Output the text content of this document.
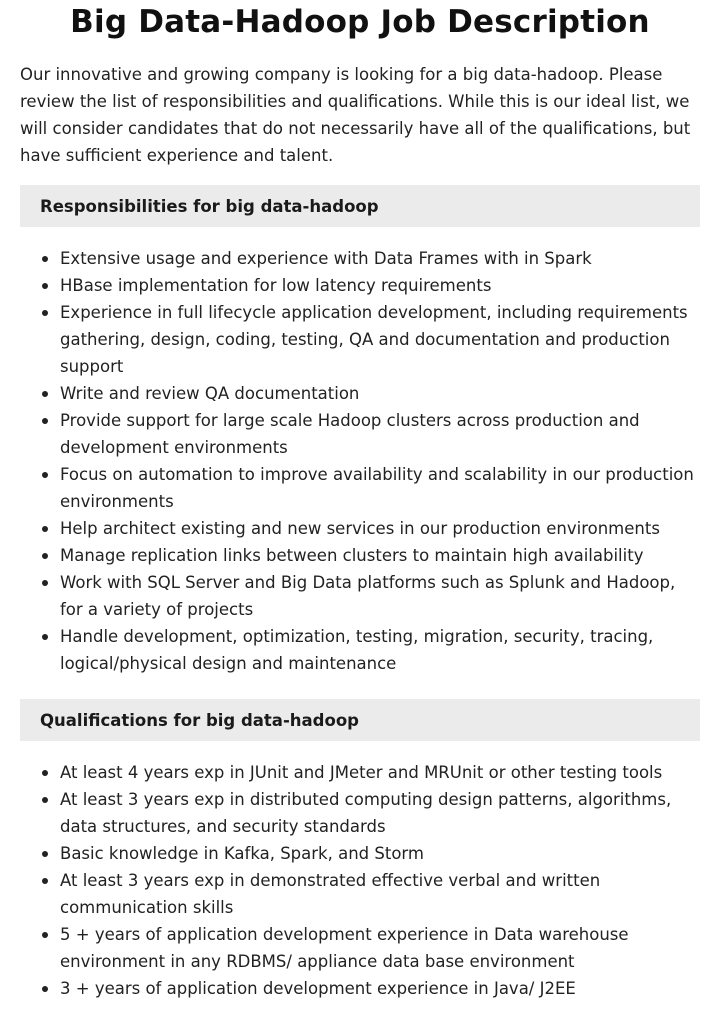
Big Data-Hadoop Job Description

Our innovative and growing company is looking for a big data-hadoop. Please review the list of responsibilities and qualifications. While this is our ideal list, we will consider candidates that do not necessarily have all of the qualifications, but have sufficient experience and talent.

Responsibilities for big data-hadoop
Extensive usage and experience with Data Frames with in Spark
HBase implementation for low latency requirements
Experience in full lifecycle application development, including requirements gathering, design, coding, testing, QA and documentation and production support
Write and review QA documentation
Provide support for large scale Hadoop clusters across production and development environments
Focus on automation to improve availability and scalability in our production environments
Help architect existing and new services in our production environments
Manage replication links between clusters to maintain high availability
Work with SQL Server and Big Data platforms such as Splunk and Hadoop, for a variety of projects
Handle development, optimization, testing, migration, security, tracing, logical/physical design and maintenance
Qualifications for big data-hadoop
At least 4 years exp in JUnit and JMeter and MRUnit or other testing tools
At least 3 years exp in distributed computing design patterns, algorithms, data structures, and security standards
Basic knowledge in Kafka, Spark, and Storm
At least 3 years exp in demonstrated effective verbal and written communication skills
5 + years of application development experience in Data warehouse environment in any RDBMS/ appliance data base environment
3 + years of application development experience in Java/ J2EE
